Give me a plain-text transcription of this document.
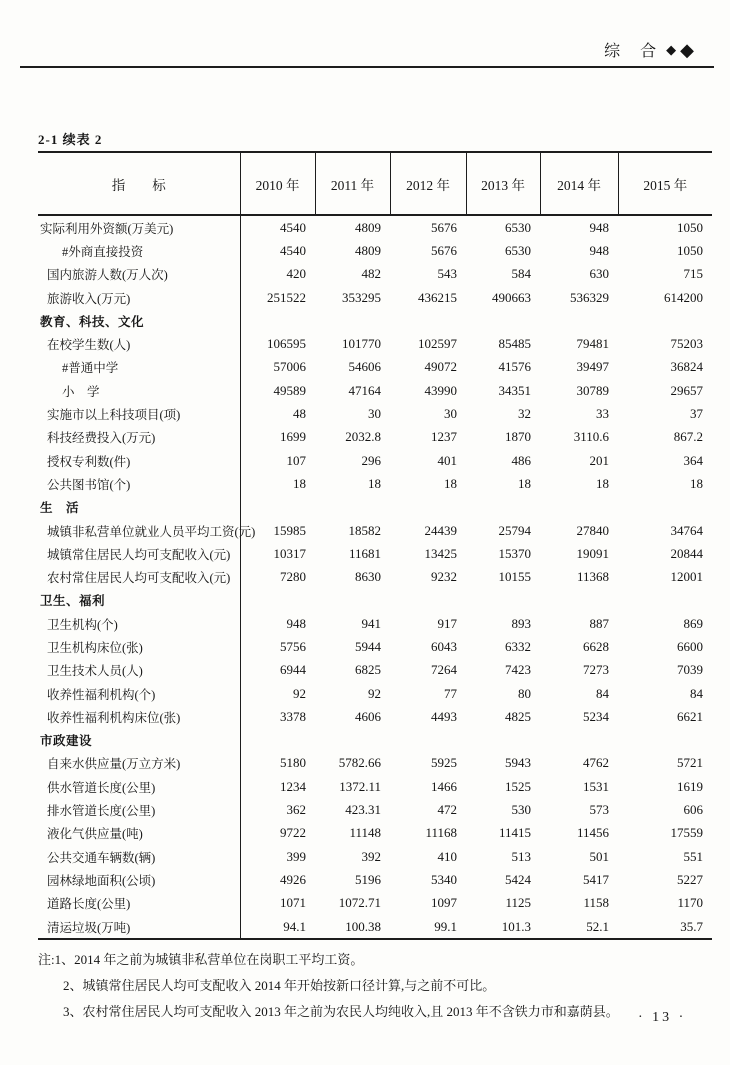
综 合 ◆ ◆
2-1 续表 2
指　　标	2010 年	2011 年	2012 年	2013 年	2014 年	2015 年
实际利用外资额(万美元)	4540	4809	5676	6530	948	1050
#外商直接投资	4540	4809	5676	6530	948	1050
国内旅游人数(万人次)	420	482	543	584	630	715
旅游收入(万元)	251522	353295	436215	490663	536329	614200
教育、科技、文化						
在校学生数(人)	106595	101770	102597	85485	79481	75203
#普通中学	57006	54606	49072	41576	39497	36824
小　学	49589	47164	43990	34351	30789	29657
实施市以上科技项目(项)	48	30	30	32	33	37
科技经费投入(万元)	1699	2032.8	1237	1870	3110.6	867.2
授权专利数(件)	107	296	401	486	201	364
公共图书馆(个)	18	18	18	18	18	18
生　活						
城镇非私营单位就业人员平均工资(元)	15985	18582	24439	25794	27840	34764
城镇常住居民人均可支配收入(元)	10317	11681	13425	15370	19091	20844
农村常住居民人均可支配收入(元)	7280	8630	9232	10155	11368	12001
卫生、福利						
卫生机构(个)	948	941	917	893	887	869
卫生机构床位(张)	5756	5944	6043	6332	6628	6600
卫生技术人员(人)	6944	6825	7264	7423	7273	7039
收养性福利机构(个)	92	92	77	80	84	84
收养性福利机构床位(张)	3378	4606	4493	4825	5234	6621
市政建设						
自来水供应量(万立方米)	5180	5782.66	5925	5943	4762	5721
供水管道长度(公里)	1234	1372.11	1466	1525	1531	1619
排水管道长度(公里)	362	423.31	472	530	573	606
液化气供应量(吨)	9722	11148	11168	11415	11456	17559
公共交通车辆数(辆)	399	392	410	513	501	551
园林绿地面积(公顷)	4926	5196	5340	5424	5417	5227
道路长度(公里)	1071	1072.71	1097	1125	1158	1170
清运垃圾(万吨)	94.1	100.38	99.1	101.3	52.1	35.7
注:1、2014 年之前为城镇非私营单位在岗职工平均工资。
2、城镇常住居民人均可支配收入 2014 年开始按新口径计算,与之前不可比。
3、农村常住居民人均可支配收入 2013 年之前为农民人均纯收入,且 2013 年不含铁力市和嘉荫县。	· 13 ·
